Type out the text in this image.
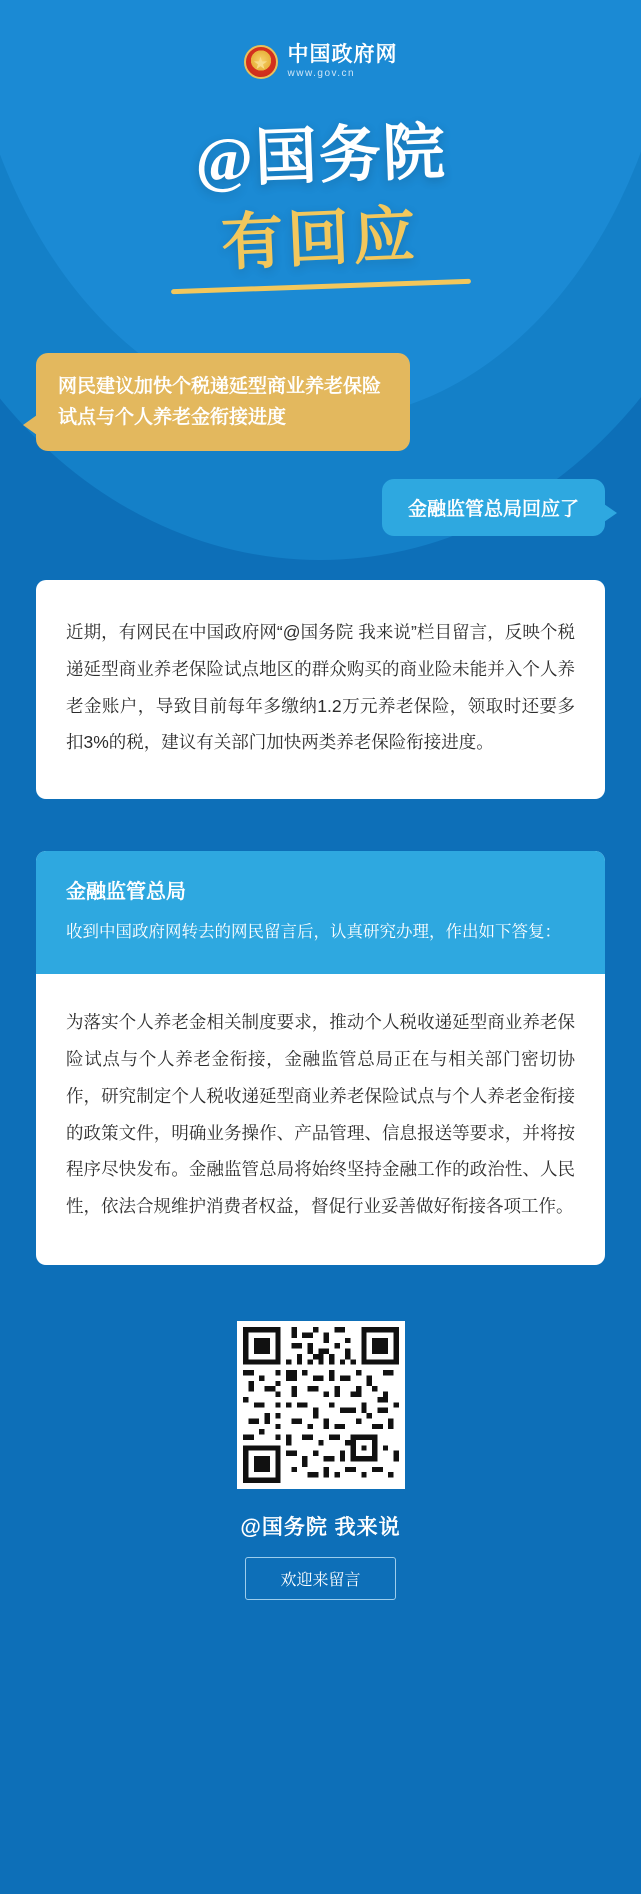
★
中国政府网
www.gov.cn
@国务院
有回应
网民建议加快个税递延型商业养老保险试点与个人养老金衔接进度
金融监管总局回应了

近期，有网民在中国政府网“@国务院 我来说”栏目留言，反映个税递延型商业养老保险试点地区的群众购买的商业险未能并入个人养老金账户，导致目前每年多缴纳1.2万元养老保险，领取时还要多扣3%的税，建议有关部门加快两类养老保险衔接进度。

金融监管总局
收到中国政府网转去的网民留言后，认真研究办理，作出如下答复：

为落实个人养老金相关制度要求，推动个人税收递延型商业养老保险试点与个人养老金衔接，金融监管总局正在与相关部门密切协作，研究制定个人税收递延型商业养老保险试点与个人养老金衔接的政策文件，明确业务操作、产品管理、信息报送等要求，并将按程序尽快发布。金融监管总局将始终坚持金融工作的政治性、人民性，依法合规维护消费者权益，督促行业妥善做好衔接各项工作。

@国务院 我来说
欢迎来留言
